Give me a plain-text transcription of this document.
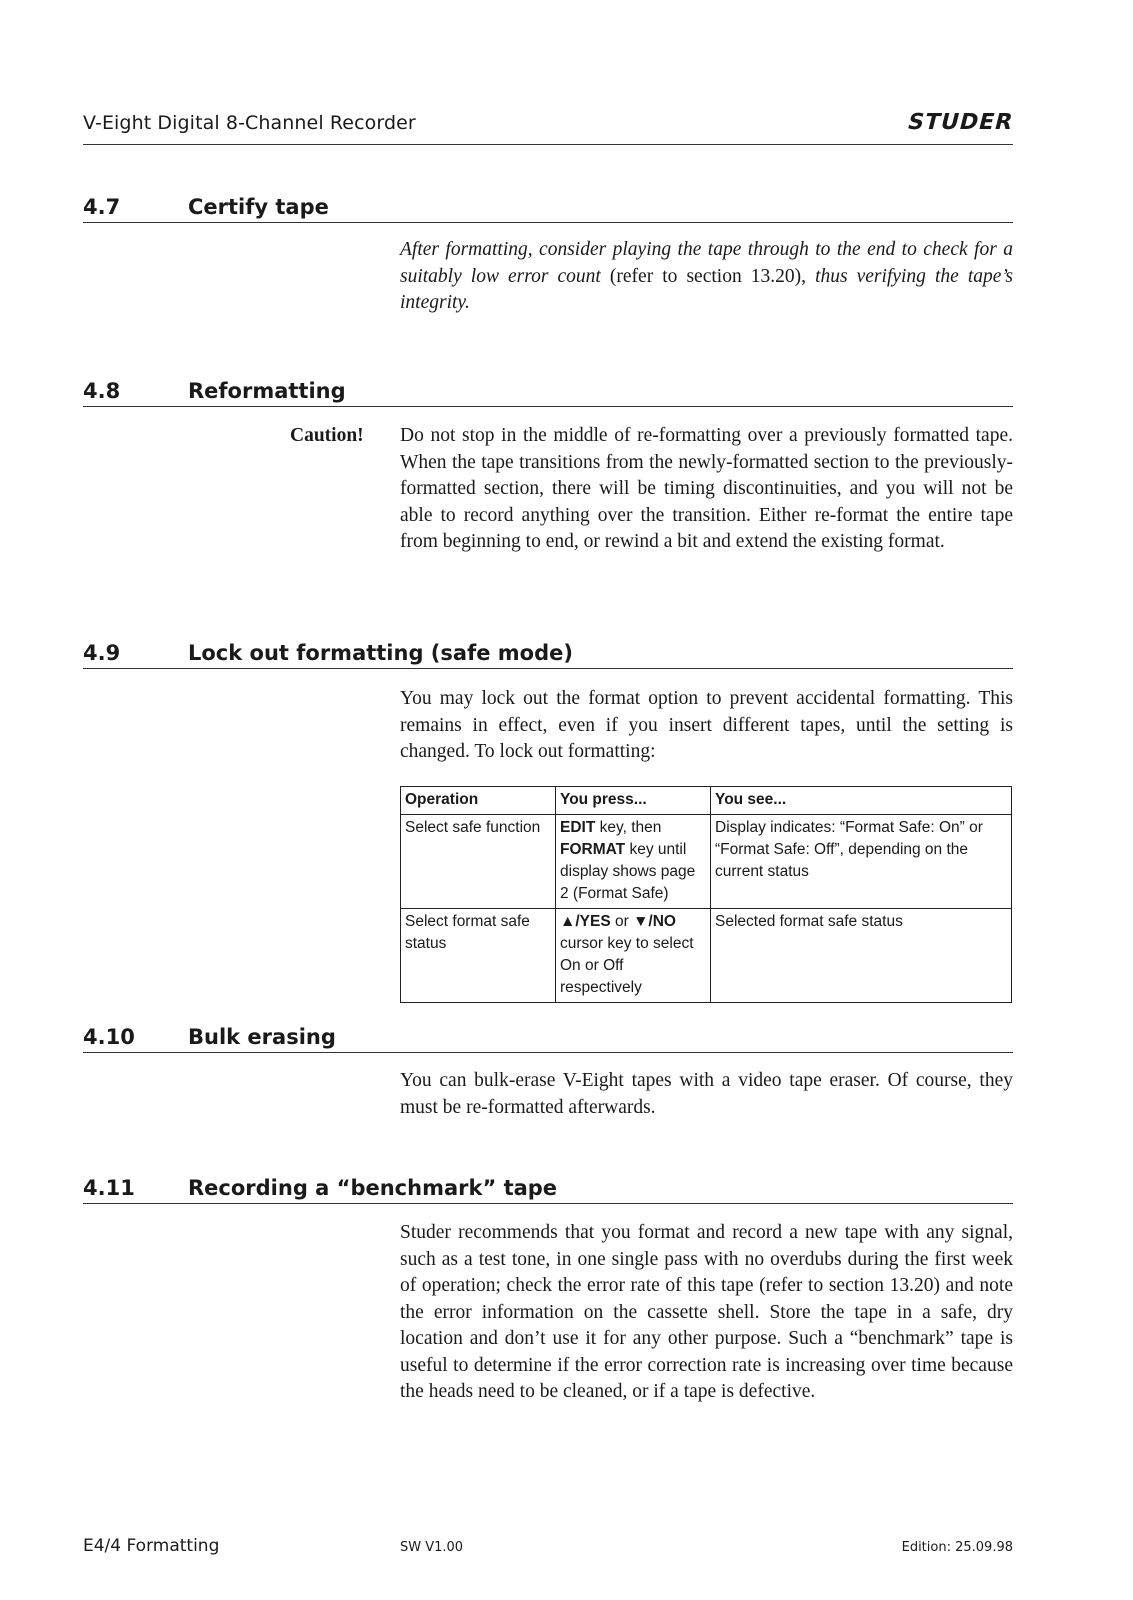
V-Eight Digital 8-Channel Recorder	STUDER
4.7	Certify tape
After formatting, consider playing the tape through to the end to check for a suitably low error count (refer to section 13.20), thus verifying the tape’s integrity.
4.8	Reformatting
Caution!	Do not stop in the middle of re-formatting over a previously formatted tape. When the tape transitions from the newly-formatted section to the previously-formatted section, there will be timing discontinuities, and you will not be able to record anything over the transition. Either re-format the entire tape from beginning to end, or rewind a bit and extend the existing format.
4.9	Lock out formatting (safe mode)
You may lock out the format option to prevent accidental formatting. This remains in effect, even if you insert different tapes, until the setting is changed. To lock out formatting:
Operation	You press...	You see...
Select safe function	EDIT key, then FORMAT key until display shows page 2 (Format Safe)	Display indicates: “Format Safe: On” or “Format Safe: Off”, depending on the current status
Select format safe status	▲/YES or ▼/NO cursor key to select On or Off respectively	Selected format safe status
4.10	Bulk erasing
You can bulk-erase V-Eight tapes with a video tape eraser. Of course, they must be re-formatted afterwards.
4.11	Recording a “benchmark” tape
Studer recommends that you format and record a new tape with any signal, such as a test tone, in one single pass with no overdubs during the first week of operation; check the error rate of this tape (refer to section 13.20) and note the error information on the cassette shell. Store the tape in a safe, dry location and don’t use it for any other purpose. Such a “benchmark” tape is useful to determine if the error correction rate is increasing over time because the heads need to be cleaned, or if a tape is defective.
E4/4 Formatting	SW V1.00	Edition: 25.09.98
